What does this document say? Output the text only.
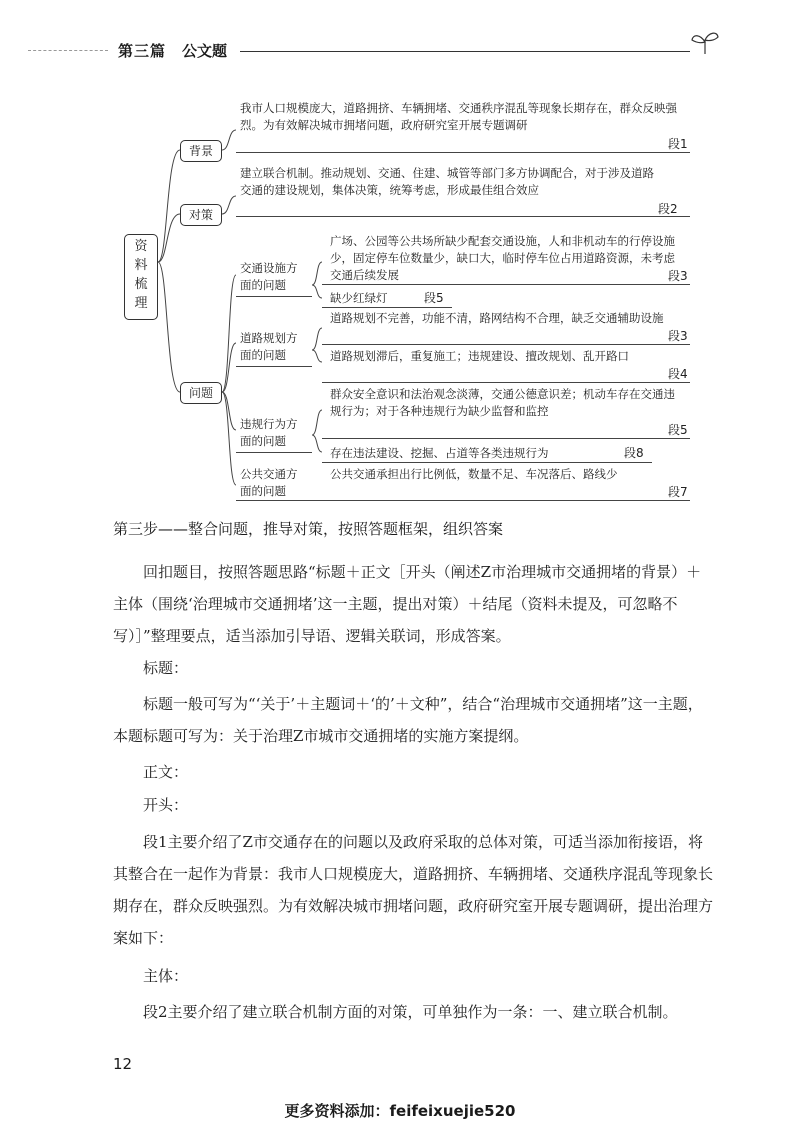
第三篇 公文题
资料梳理
背景
我市人口规模庞大，道路拥挤、车辆拥堵、交通秩序混乱等现象长期存在，群众反映强烈。为有效解决城市拥堵问题，政府研究室开展专题调研
段1
对策
建立联合机制。推动规划、交通、住建、城管等部门多方协调配合，对于涉及道路交通的建设规划，集体决策，统筹考虑，形成最佳组合效应
段2
问题
交通设施方面的问题
广场、公园等公共场所缺少配套交通设施，人和非机动车的行停设施少，固定停车位数量少，缺口大，临时停车位占用道路资源，未考虑交通后续发展	段3
缺少红绿灯	段5
道路规划方面的问题
道路规划不完善，功能不清，路网结构不合理，缺乏交通辅助设施
段3
道路规划滞后，重复施工；违规建设、擅改规划、乱开路口
段4
违规行为方面的问题
群众安全意识和法治观念淡薄，交通公德意识差；机动车存在交通违规行为；对于各种违规行为缺少监督和监控
段5
存在违法建设、挖掘、占道等各类违规行为	段8
公共交通方面的问题
公共交通承担出行比例低，数量不足、车况落后、路线少
段7
第三步——整合问题，推导对策，按照答题框架，组织答案
回扣题目，按照答题思路“标题＋正文［开头（阐述Z市治理城市交通拥堵的背景）＋主体（围绕‘治理城市交通拥堵’这一主题，提出对策）＋结尾（资料未提及，可忽略不写）］”整理要点，适当添加引导语、逻辑关联词，形成答案。
标题：
标题一般可写为“‘关于’＋主题词＋‘的’＋文种”，结合“治理城市交通拥堵”这一主题，本题标题可写为：关于治理Z市城市交通拥堵的实施方案提纲。
正文：
开头：
段1主要介绍了Z市交通存在的问题以及政府采取的总体对策，可适当添加衔接语，将其整合在一起作为背景：我市人口规模庞大，道路拥挤、车辆拥堵、交通秩序混乱等现象长期存在，群众反映强烈。为有效解决城市拥堵问题，政府研究室开展专题调研，提出治理方案如下：
主体：
段2主要介绍了建立联合机制方面的对策，可单独作为一条：一、建立联合机制。
12
更多资料添加：feifeixuejie520
